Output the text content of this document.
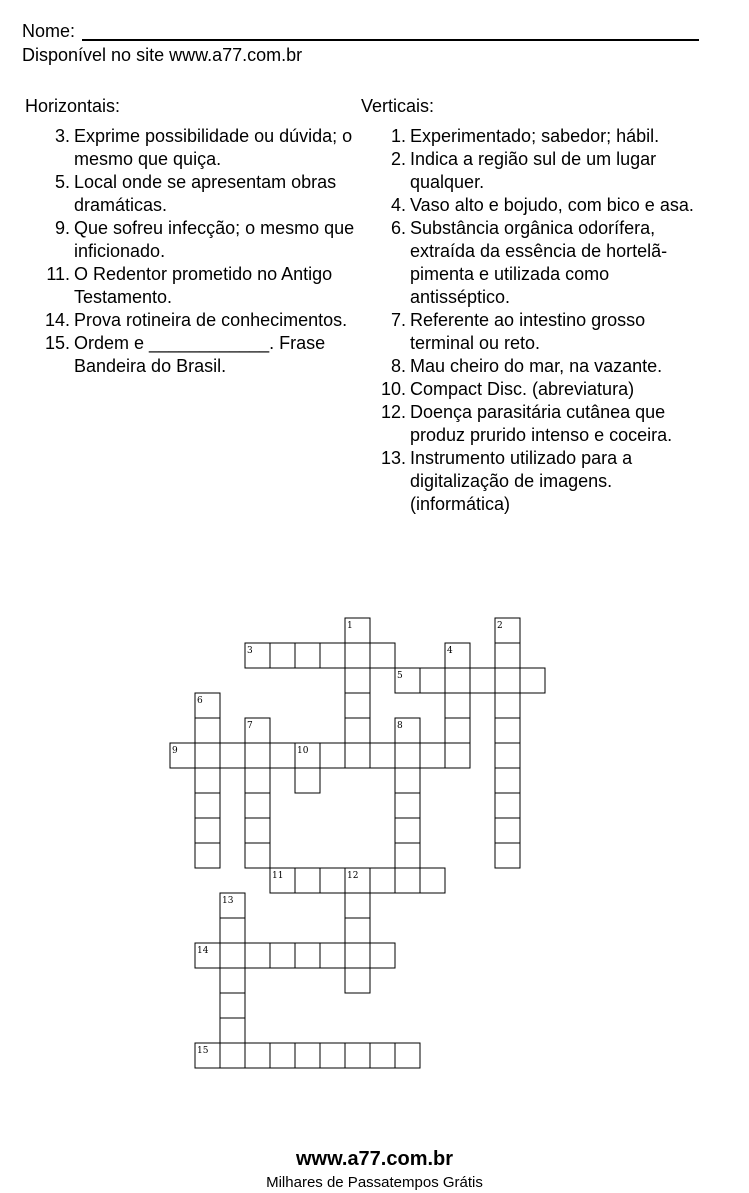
Nome:
Disponível no site www.a77.com.br
Horizontais:
3. Exprime possibilidade ou dúvida; o mesmo que quiça.
5. Local onde se apresentam obras dramáticas.
9. Que sofreu infecção; o mesmo que inficionado.
11. O Redentor prometido no Antigo Testamento.
14. Prova rotineira de conhecimentos.
15. Ordem e ____________. Frase Bandeira do Brasil.
Verticais:
1. Experimentado; sabedor; hábil.
2. Indica a região sul de um lugar qualquer.
4. Vaso alto e bojudo, com bico e asa.
6. Substância orgânica odorífera, extraída da essência de hortelã-pimenta e utilizada como antisséptico.
7. Referente ao intestino grosso terminal ou reto.
8. Mau cheiro do mar, na vazante.
10. Compact Disc. (abreviatura)
12. Doença parasitária cutânea que produz prurido intenso e coceira.
13. Instrumento utilizado para a digitalização de imagens. (informática)
1	2
3	4
5
6
7	8
9	10
11	12
13
14
15
www.a77.com.br
Milhares de Passatempos Grátis
